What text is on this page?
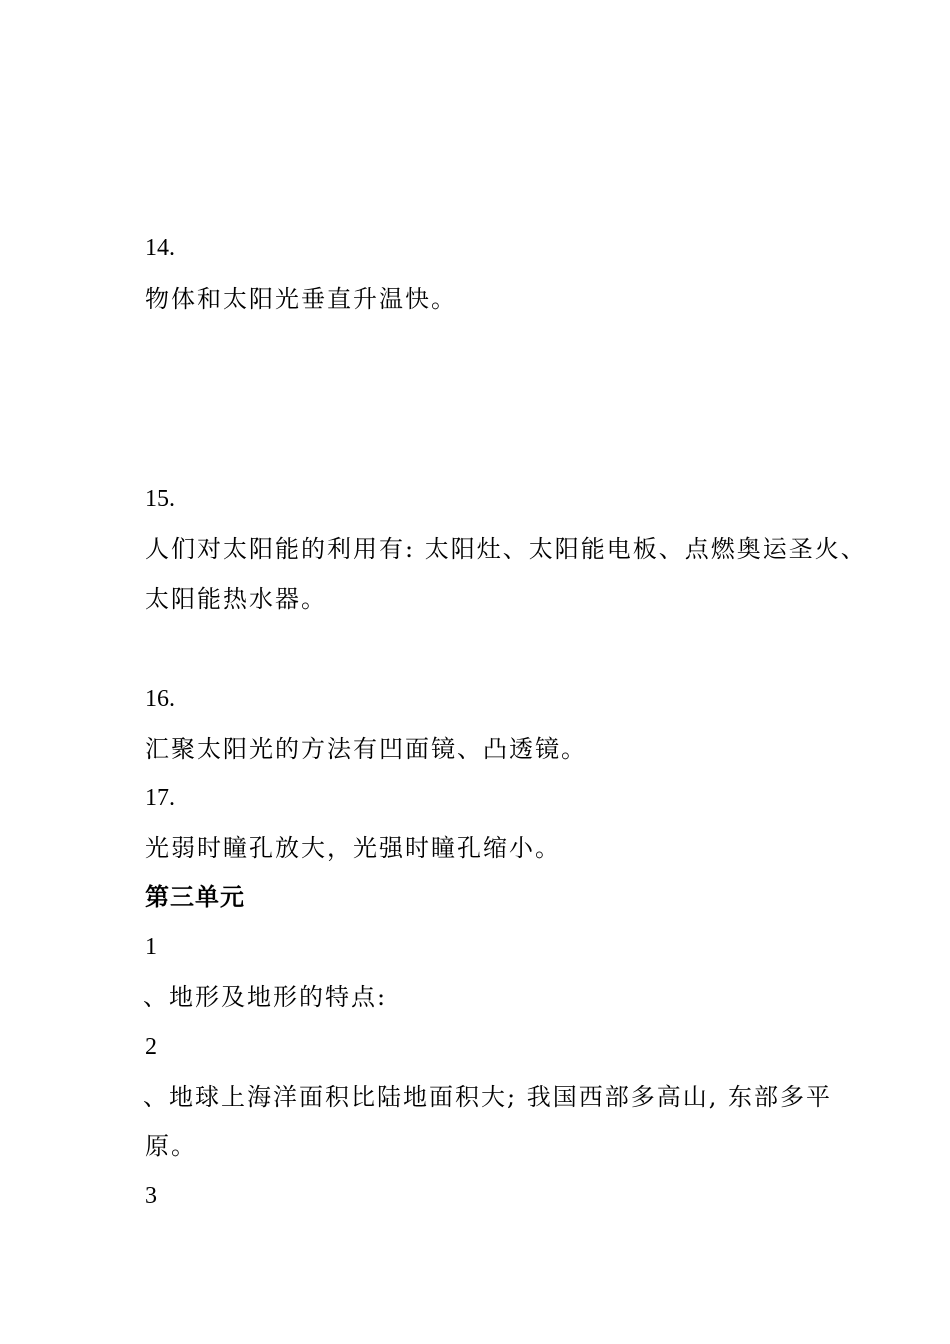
14.
物体和太阳光垂直升温快。
15.
人们对太阳能的利用有: 太阳灶、太阳能电板、点燃奥运圣火、
太阳能热水器。
16.
汇聚太阳光的方法有凹面镜、凸透镜。
17.
光弱时瞳孔放大，光强时瞳孔缩小。
第三单元
1
、地形及地形的特点:
2
、地球上海洋面积比陆地面积大; 我国西部多高山, 东部多平
原。
3
